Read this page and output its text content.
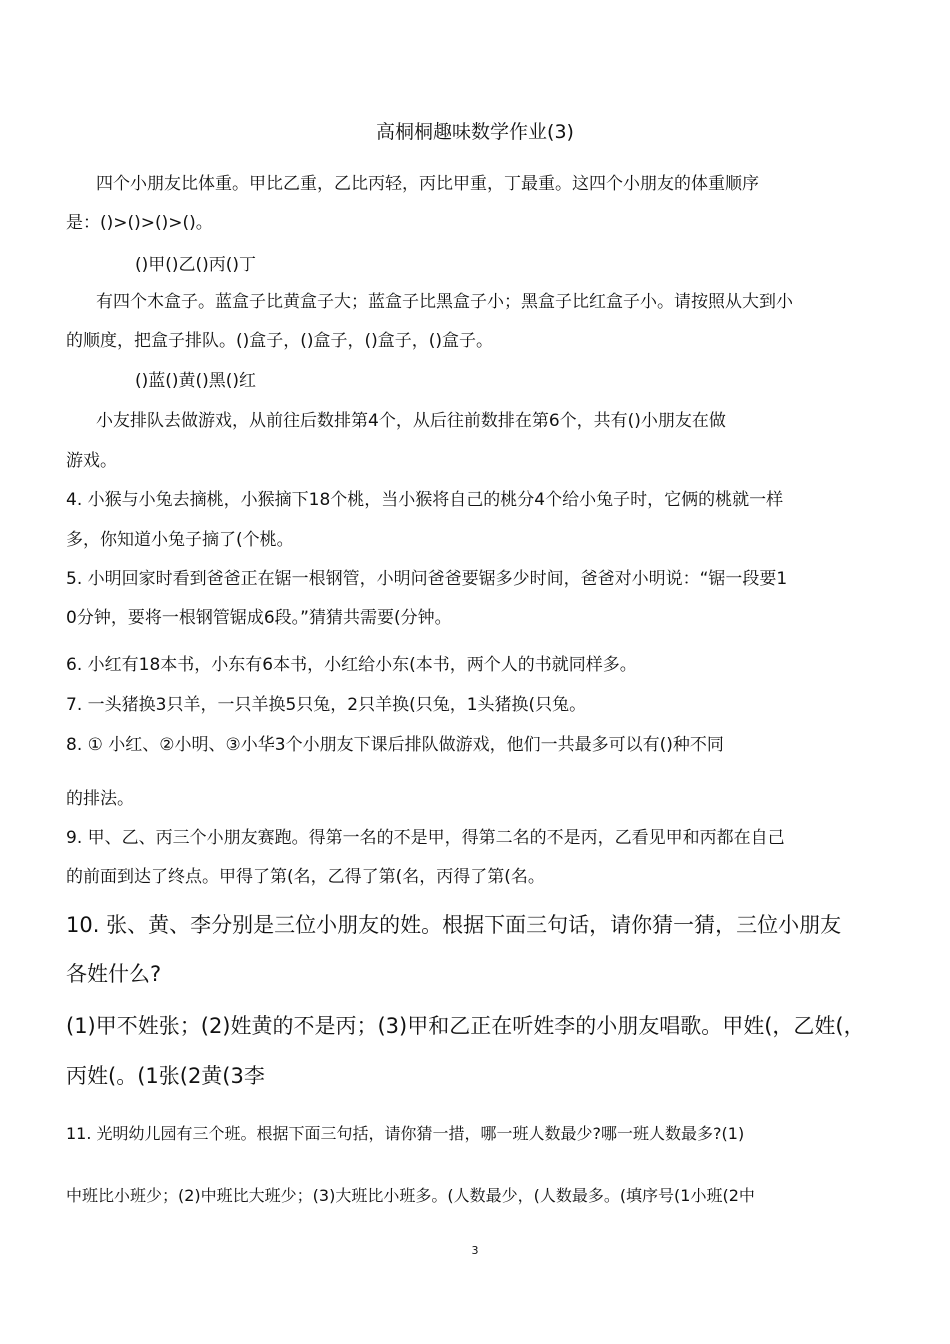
高桐桐趣味数学作业(3)
四个小朋友比体重。甲比乙重，乙比丙轻，丙比甲重，丁最重。这四个小朋友的体重顺序
是：()>()>()>()。
()甲()乙()丙()丁
有四个木盒子。蓝盒子比黄盒子大；蓝盒子比黑盒子小；黑盒子比红盒子小。请按照从大到小
的顺度，把盒子排队。()盒子，()盒子，()盒子，()盒子。
()蓝()黄()黑()红
小友排队去做游戏，从前往后数排第4个，从后往前数排在第6个，共有()小朋友在做
游戏。
4. 小猴与小兔去摘桃，小猴摘下18个桃，当小猴将自己的桃分4个给小兔子时，它俩的桃就一样
多，你知道小兔子摘了(个桃。
5. 小明回家时看到爸爸正在锯一根钢管，小明问爸爸要锯多少时间，爸爸对小明说：“锯一段要1
0分钟，要将一根钢管锯成6段。”猜猜共需要(分钟。
6. 小红有18本书，小东有6本书，小红给小东(本书，两个人的书就同样多。
7. 一头猪换3只羊，一只羊换5只兔，2只羊换(只兔，1头猪换(只兔。
8. ① 小红、②小明、③小华3个小朋友下课后排队做游戏，他们一共最多可以有()种不同
的排法。
9. 甲、乙、丙三个小朋友赛跑。得第一名的不是甲，得第二名的不是丙，乙看见甲和丙都在自己
的前面到达了终点。甲得了第(名，乙得了第(名，丙得了第(名。
10. 张、黄、李分别是三位小朋友的姓。根据下面三句话，请你猜一猜，三位小朋友
各姓什么?
(1)甲不姓张；(2)姓黄的不是丙；(3)甲和乙正在听姓李的小朋友唱歌。甲姓(，乙姓(，
丙姓(。(1张(2黄(3李
11. 光明幼儿园有三个班。根据下面三句括，请你猜一措，哪一班人数最少?哪一班人数最多?(1)
中班比小班少；(2)中班比大班少；(3)大班比小班多。(人数最少，(人数最多。(填序号(1小班(2中
3
